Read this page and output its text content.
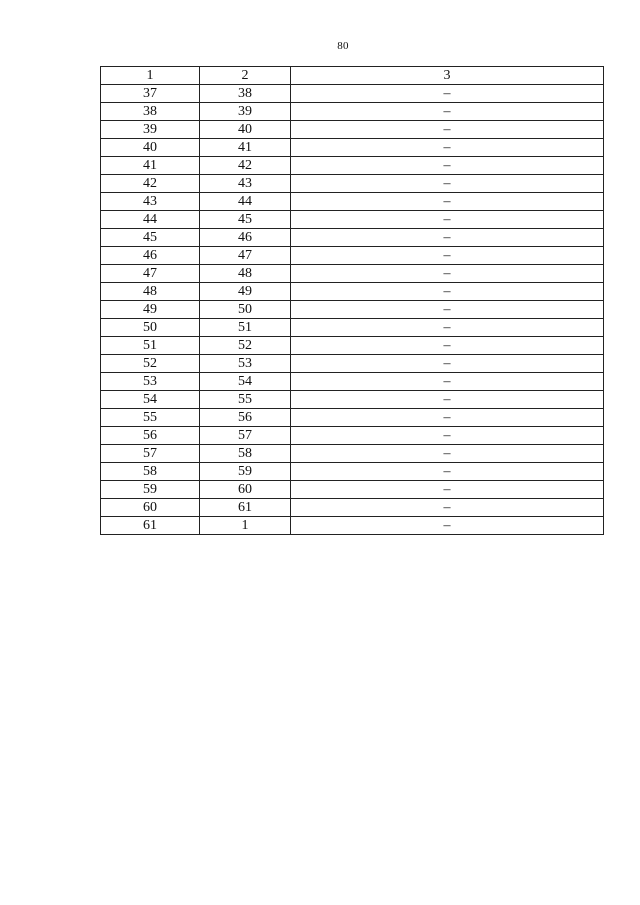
80
1	2	3
37	38	–
38	39	–
39	40	–
40	41	–
41	42	–
42	43	–
43	44	–
44	45	–
45	46	–
46	47	–
47	48	–
48	49	–
49	50	–
50	51	–
51	52	–
52	53	–
53	54	–
54	55	–
55	56	–
56	57	–
57	58	–
58	59	–
59	60	–
60	61	–
61	1	–
